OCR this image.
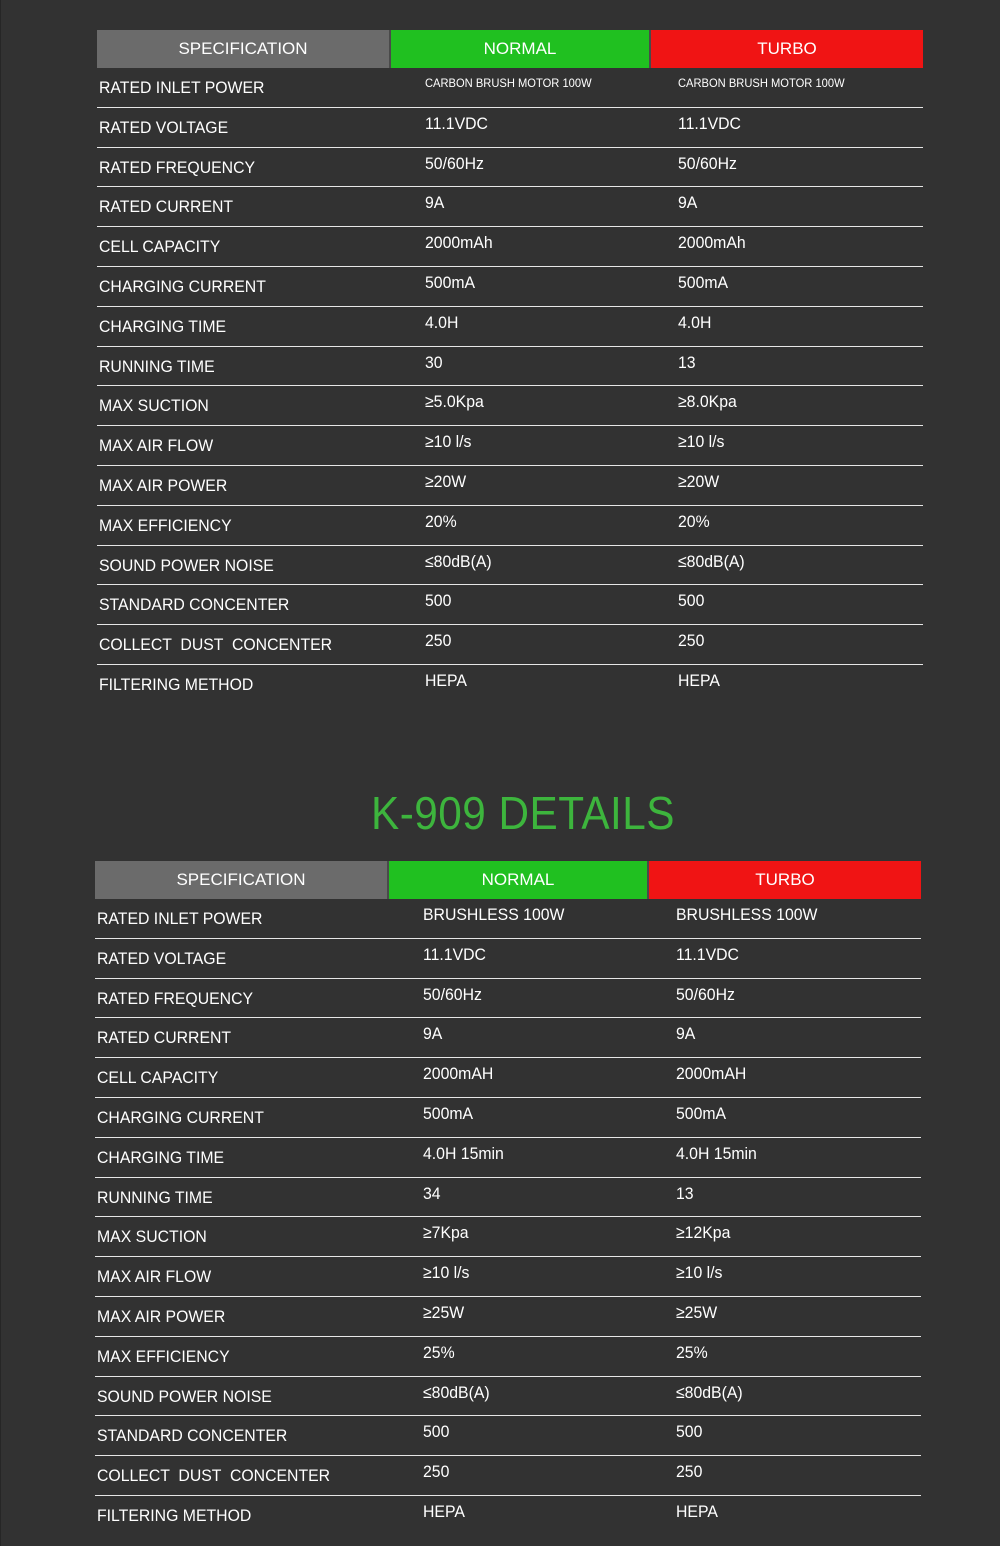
SPECIFICATION	NORMAL	TURBO
RATED INLET POWER	CARBON BRUSH MOTOR 100W	CARBON BRUSH MOTOR 100W
RATED VOLTAGE	11.1VDC	11.1VDC
RATED FREQUENCY	50/60Hz	50/60Hz
RATED CURRENT	9A	9A
CELL CAPACITY	2000mAh	2000mAh
CHARGING CURRENT	500mA	500mA
CHARGING TIME	4.0H	4.0H
RUNNING TIME	30	13
MAX SUCTION	≥5.0Kpa	≥8.0Kpa
MAX AIR FLOW	≥10 l/s	≥10 l/s
MAX AIR POWER	≥20W	≥20W
MAX EFFICIENCY	20%	20%
SOUND POWER NOISE	≤80dB(A)	≤80dB(A)
STANDARD CONCENTER	500	500
COLLECT  DUST  CONCENTER	250	250
FILTERING METHOD	HEPA	HEPA
K-909 DETAILS
SPECIFICATION	NORMAL	TURBO
RATED INLET POWER	BRUSHLESS 100W	BRUSHLESS 100W
RATED VOLTAGE	11.1VDC	11.1VDC
RATED FREQUENCY	50/60Hz	50/60Hz
RATED CURRENT	9A	9A
CELL CAPACITY	2000mAH	2000mAH
CHARGING CURRENT	500mA	500mA
CHARGING TIME	4.0H 15min	4.0H 15min
RUNNING TIME	34	13
MAX SUCTION	≥7Kpa	≥12Kpa
MAX AIR FLOW	≥10 l/s	≥10 l/s
MAX AIR POWER	≥25W	≥25W
MAX EFFICIENCY	25%	25%
SOUND POWER NOISE	≤80dB(A)	≤80dB(A)
STANDARD CONCENTER	500	500
COLLECT  DUST  CONCENTER	250	250
FILTERING METHOD	HEPA	HEPA
